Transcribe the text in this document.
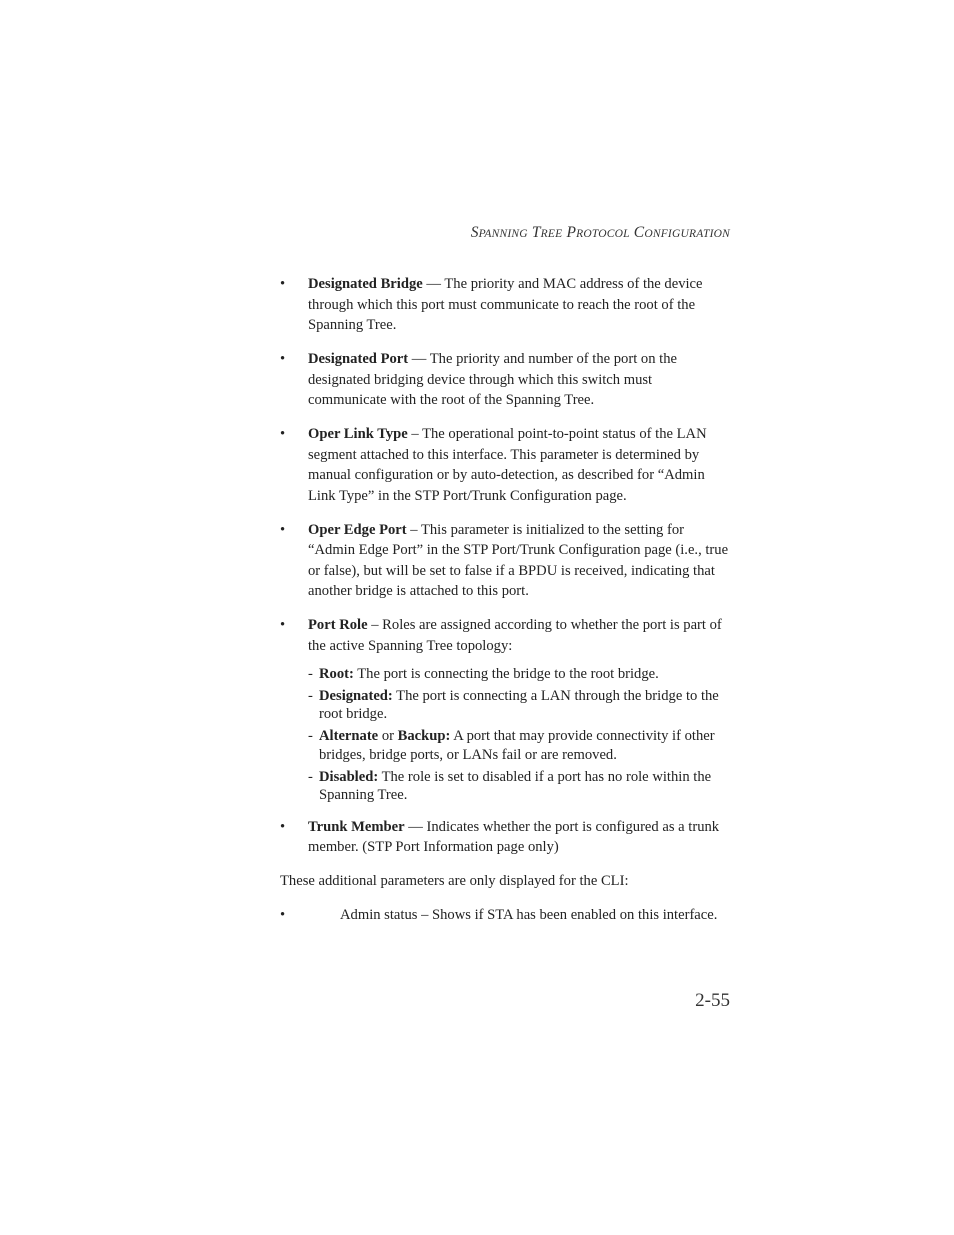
SPANNING TREE PROTOCOL CONFIGURATION
• Designated Bridge — The priority and MAC address of the device through which this port must communicate to reach the root of the Spanning Tree.
• Designated Port — The priority and number of the port on the designated bridging device through which this switch must communicate with the root of the Spanning Tree.
• Oper Link Type – The operational point-to-point status of the LAN segment attached to this interface. This parameter is determined by manual configuration or by auto-detection, as described for “Admin Link Type” in the STP Port/Trunk Configuration page.
• Oper Edge Port – This parameter is initialized to the setting for “Admin Edge Port” in the STP Port/Trunk Configuration page (i.e., true or false), but will be set to false if a BPDU is received, indicating that another bridge is attached to this port.
• Port Role – Roles are assigned according to whether the port is part of the active Spanning Tree topology:
- Root: The port is connecting the bridge to the root bridge.
- Designated: The port is connecting a LAN through the bridge to the root bridge.
- Alternate or Backup: A port that may provide connectivity if other bridges, bridge ports, or LANs fail or are removed.
- Disabled: The role is set to disabled if a port has no role within the Spanning Tree.
• Trunk Member — Indicates whether the port is configured as a trunk member. (STP Port Information page only)

These additional parameters are only displayed for the CLI:

•	Admin status – Shows if STA has been enabled on this interface.
2-55
